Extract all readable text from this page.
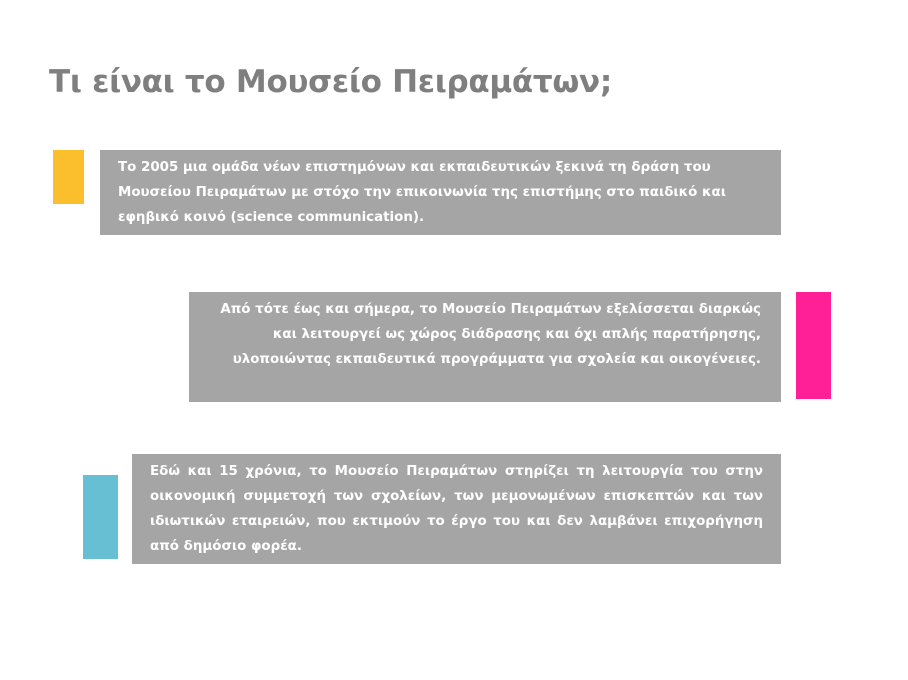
Τι είναι το Μουσείο Πειραμάτων;

Το 2005 μια ομάδα νέων επιστημόνων και εκπαιδευτικών ξεκινά τη δράση του Μουσείου Πειραμάτων με στόχο την επικοινωνία της επιστήμης στο παιδικό και εφηβικό κοινό (science communication).

Από τότε έως και σήμερα, το Μουσείο Πειραμάτων εξελίσσεται διαρκώς και λειτουργεί ως χώρος διάδρασης και όχι απλής παρατήρησης, υλοποιώντας εκπαιδευτικά προγράμματα για σχολεία και οικογένειες.

Εδώ και 15 χρόνια, το Μουσείο Πειραμάτων στηρίζει τη λειτουργία του στην οικονομική συμμετοχή των σχολείων, των μεμονωμένων επισκεπτών και των ιδιωτικών εταιρειών, που εκτιμούν το έργο του και δεν λαμβάνει επιχορήγηση από δημόσιο φορέα.
